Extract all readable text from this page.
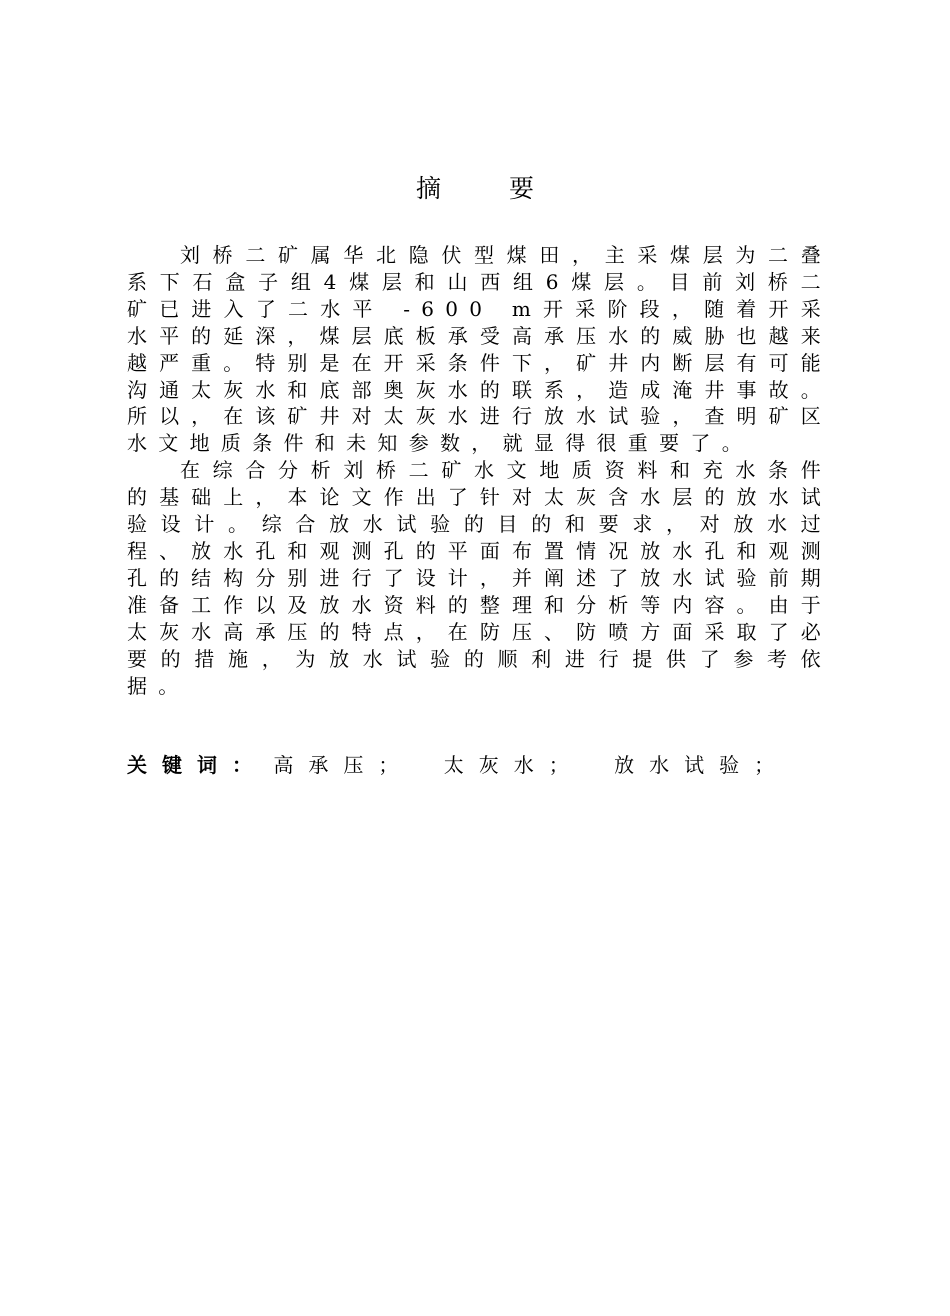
摘 要

刘桥二矿属华北隐伏型煤田，主采煤层为二叠系下石盒子组4煤层和山西组6煤层。目前刘桥二矿已进入了二水平 -600 m开采阶段，随着开采水平的延深，煤层底板承受高承压水的威胁也越来越严重。特别是在开采条件下，矿井内断层有可能沟通太灰水和底部奥灰水的联系，造成淹井事故。所以，在该矿井对太灰水进行放水试验，查明矿区水文地质条件和未知参数，就显得很重要了。

在综合分析刘桥二矿水文地质资料和充水条件的基础上，本论文作出了针对太灰含水层的放水试验设计。综合放水试验的目的和要求，对放水过程、放水孔和观测孔的平面布置情况放水孔和观测孔的结构分别进行了设计，并阐述了放水试验前期准备工作以及放水资料的整理和分析等内容。由于太灰水高承压的特点，在防压、防喷方面采取了必要的措施，为放水试验的顺利进行提供了参考依据。

关键词： 高承压； 太灰水； 放水试验；
